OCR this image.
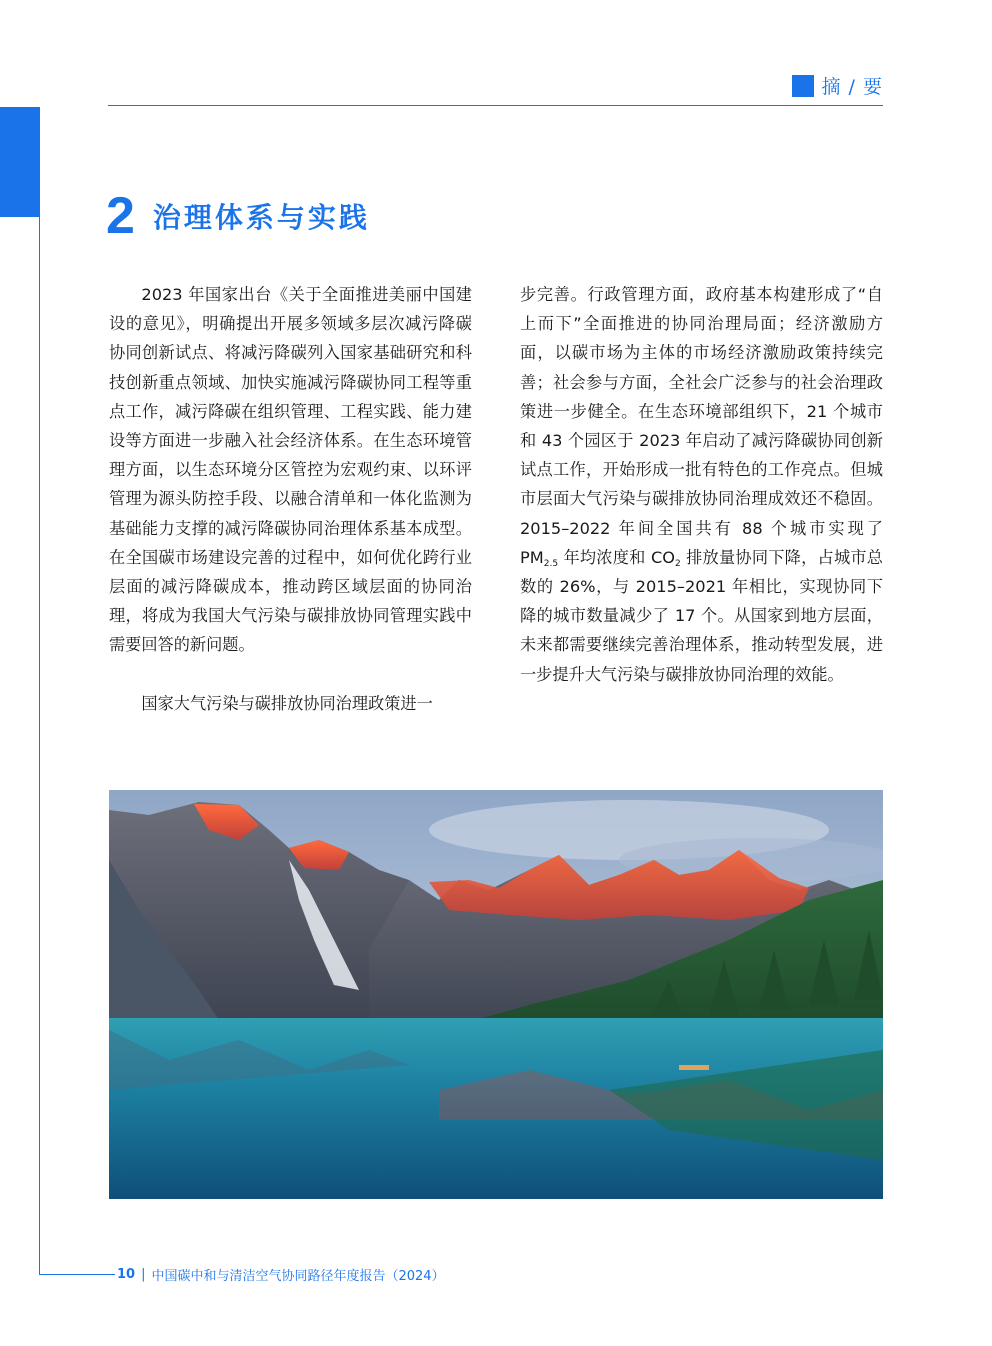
摘 / 要
2 治理体系与实践

2023 年国家出台《关于全面推进美丽中国建设的意见》，明确提出开展多领域多层次减污降碳协同创新试点、将减污降碳列入国家基础研究和科技创新重点领域、加快实施减污降碳协同工程等重点工作，减污降碳在组织管理、工程实践、能力建设等方面进一步融入社会经济体系。在生态环境管理方面，以生态环境分区管控为宏观约束、以环评管理为源头防控手段、以融合清单和一体化监测为基础能力支撑的减污降碳协同治理体系基本成型。在全国碳市场建设完善的过程中，如何优化跨行业层面的减污降碳成本，推动跨区域层面的协同治理，将成为我国大气污染与碳排放协同管理实践中需要回答的新问题。

国家大气污染与碳排放协同治理政策进一

步完善。行政管理方面，政府基本构建形成了“自上而下”全面推进的协同治理局面；经济激励方面，以碳市场为主体的市场经济激励政策持续完善；社会参与方面，全社会广泛参与的社会治理政策进一步健全。在生态环境部组织下，21 个城市和 43 个园区于 2023 年启动了减污降碳协同创新试点工作，开始形成一批有特色的工作亮点。但城市层面大气污染与碳排放协同治理成效还不稳固。2015–2022 年间全国共有 88 个城市实现了 $PM_{2.5}$ 年均浓度和 $CO_2$ 排放量协同下降，占城市总数的 26%，与 2015–2021 年相比，实现协同下降的城市数量减少了 17 个。从国家到地方层面，未来都需要继续完善治理体系，推动转型发展，进一步提升大气污染与碳排放协同治理的效能。

10 | 中国碳中和与清洁空气协同路径年度报告（2024）
